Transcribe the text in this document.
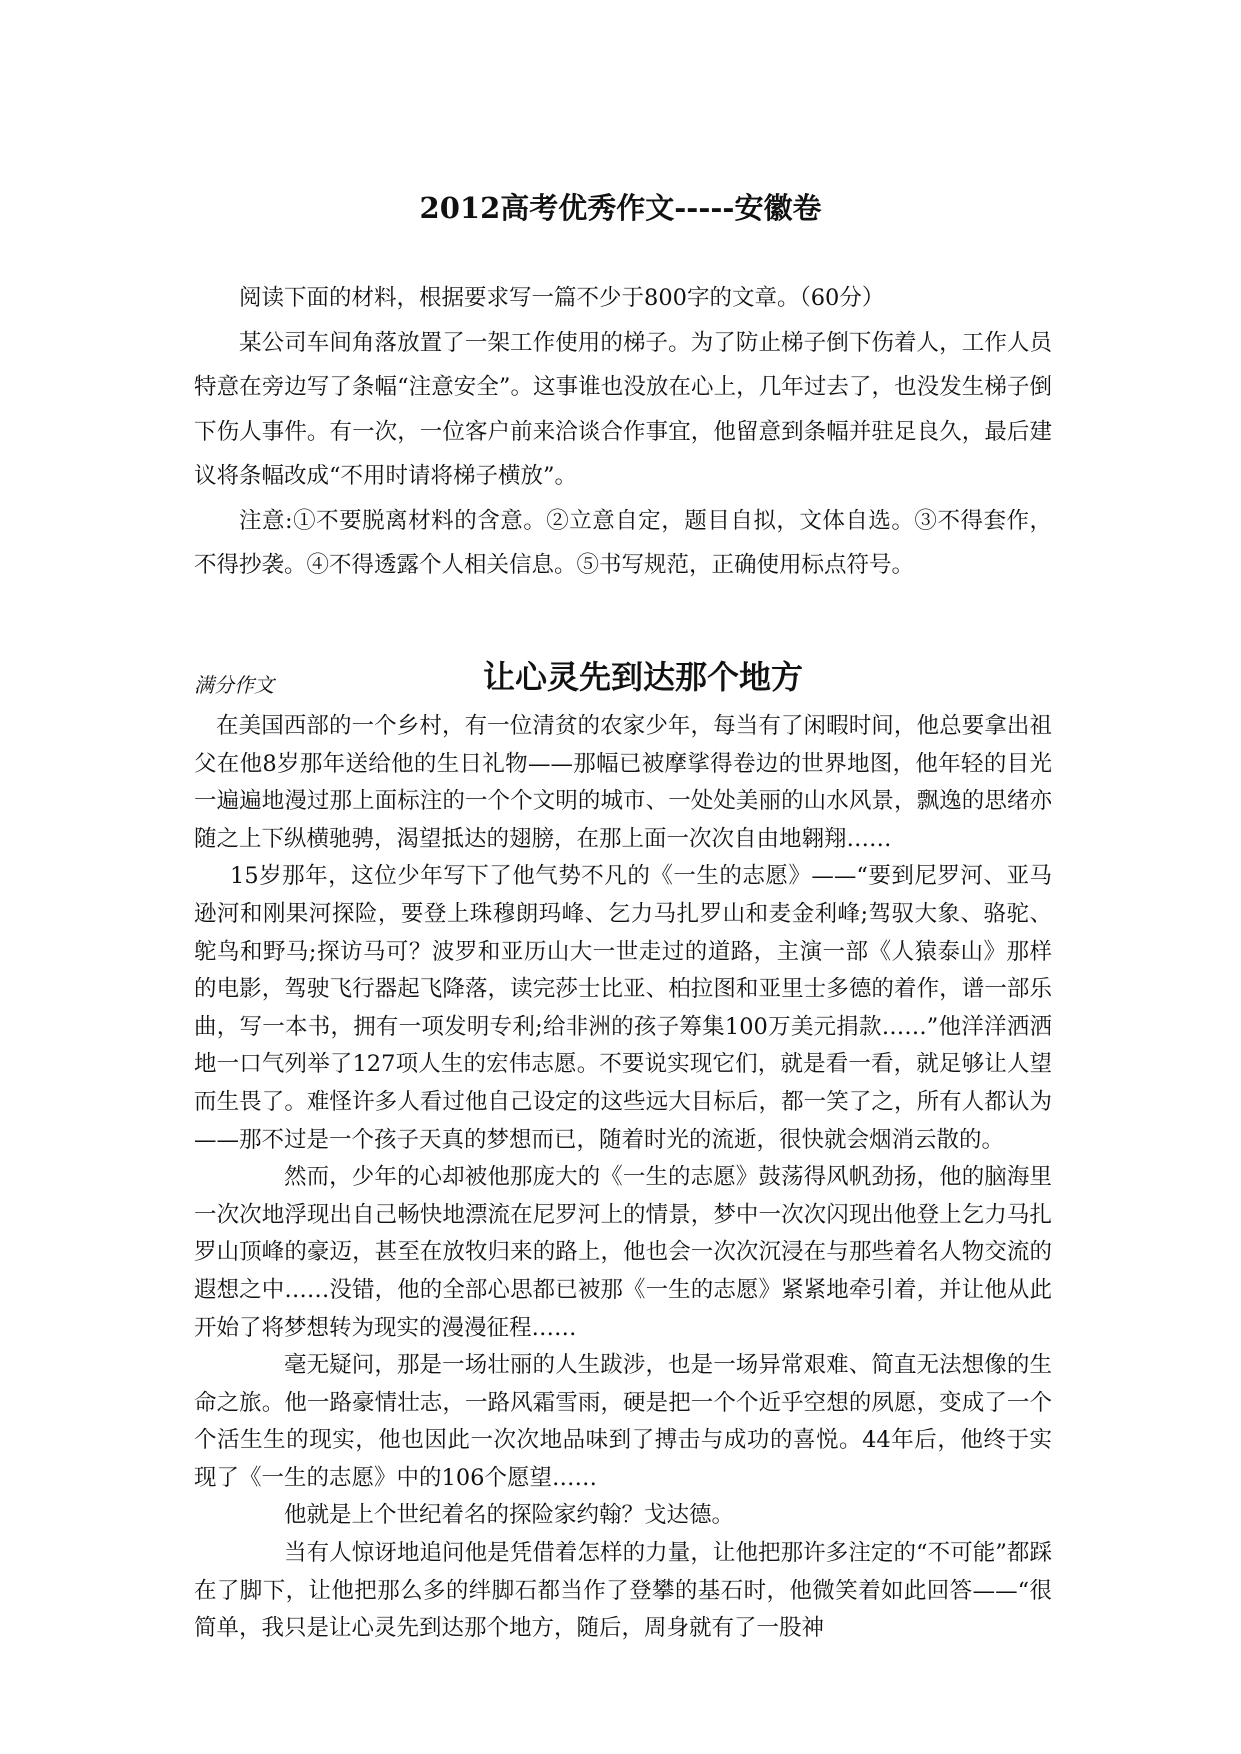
2012高考优秀作文-----安徽卷

阅读下面的材料，根据要求写一篇不少于800字的文章。（60分）

某公司车间角落放置了一架工作使用的梯子。为了防止梯子倒下伤着人，工作人员特意在旁边写了条幅“注意安全”。这事谁也没放在心上，几年过去了，也没发生梯子倒下伤人事件。有一次，一位客户前来洽谈合作事宜，他留意到条幅并驻足良久，最后建议将条幅改成“不用时请将梯子横放”。

注意:①不要脱离材料的含意。②立意自定，题目自拟，文体自选。③不得套作，不得抄袭。④不得透露个人相关信息。⑤书写规范，正确使用标点符号。

满分作文	让心灵先到达那个地方

在美国西部的一个乡村，有一位清贫的农家少年，每当有了闲暇时间，他总要拿出祖父在他8岁那年送给他的生日礼物——那幅已被摩挲得卷边的世界地图，他年轻的目光一遍遍地漫过那上面标注的一个个文明的城市、一处处美丽的山水风景，飘逸的思绪亦随之上下纵横驰骋，渴望抵达的翅膀，在那上面一次次自由地翱翔……

15岁那年，这位少年写下了他气势不凡的《一生的志愿》——“要到尼罗河、亚马逊河和刚果河探险，要登上珠穆朗玛峰、乞力马扎罗山和麦金利峰;驾驭大象、骆驼、鸵鸟和野马;探访马可？波罗和亚历山大一世走过的道路，主演一部《人猿泰山》那样的电影，驾驶飞行器起飞降落，读完莎士比亚、柏拉图和亚里士多德的着作，谱一部乐曲，写一本书，拥有一项发明专利;给非洲的孩子筹集100万美元捐款……”他洋洋洒洒地一口气列举了127项人生的宏伟志愿。不要说实现它们，就是看一看，就足够让人望而生畏了。难怪许多人看过他自己设定的这些远大目标后，都一笑了之，所有人都认为——那不过是一个孩子天真的梦想而已，随着时光的流逝，很快就会烟消云散的。

然而，少年的心却被他那庞大的《一生的志愿》鼓荡得风帆劲扬，他的脑海里一次次地浮现出自己畅快地漂流在尼罗河上的情景，梦中一次次闪现出他登上乞力马扎罗山顶峰的豪迈，甚至在放牧归来的路上，他也会一次次沉浸在与那些着名人物交流的遐想之中……没错，他的全部心思都已被那《一生的志愿》紧紧地牵引着，并让他从此开始了将梦想转为现实的漫漫征程……

毫无疑问，那是一场壮丽的人生跋涉，也是一场异常艰难、简直无法想像的生命之旅。他一路豪情壮志，一路风霜雪雨，硬是把一个个近乎空想的夙愿，变成了一个个活生生的现实，他也因此一次次地品味到了搏击与成功的喜悦。44年后，他终于实现了《一生的志愿》中的106个愿望……

他就是上个世纪着名的探险家约翰？戈达德。

当有人惊讶地追问他是凭借着怎样的力量，让他把那许多注定的“不可能”都踩在了脚下，让他把那么多的绊脚石都当作了登攀的基石时，他微笑着如此回答——“很简单，我只是让心灵先到达那个地方，随后，周身就有了一股神
